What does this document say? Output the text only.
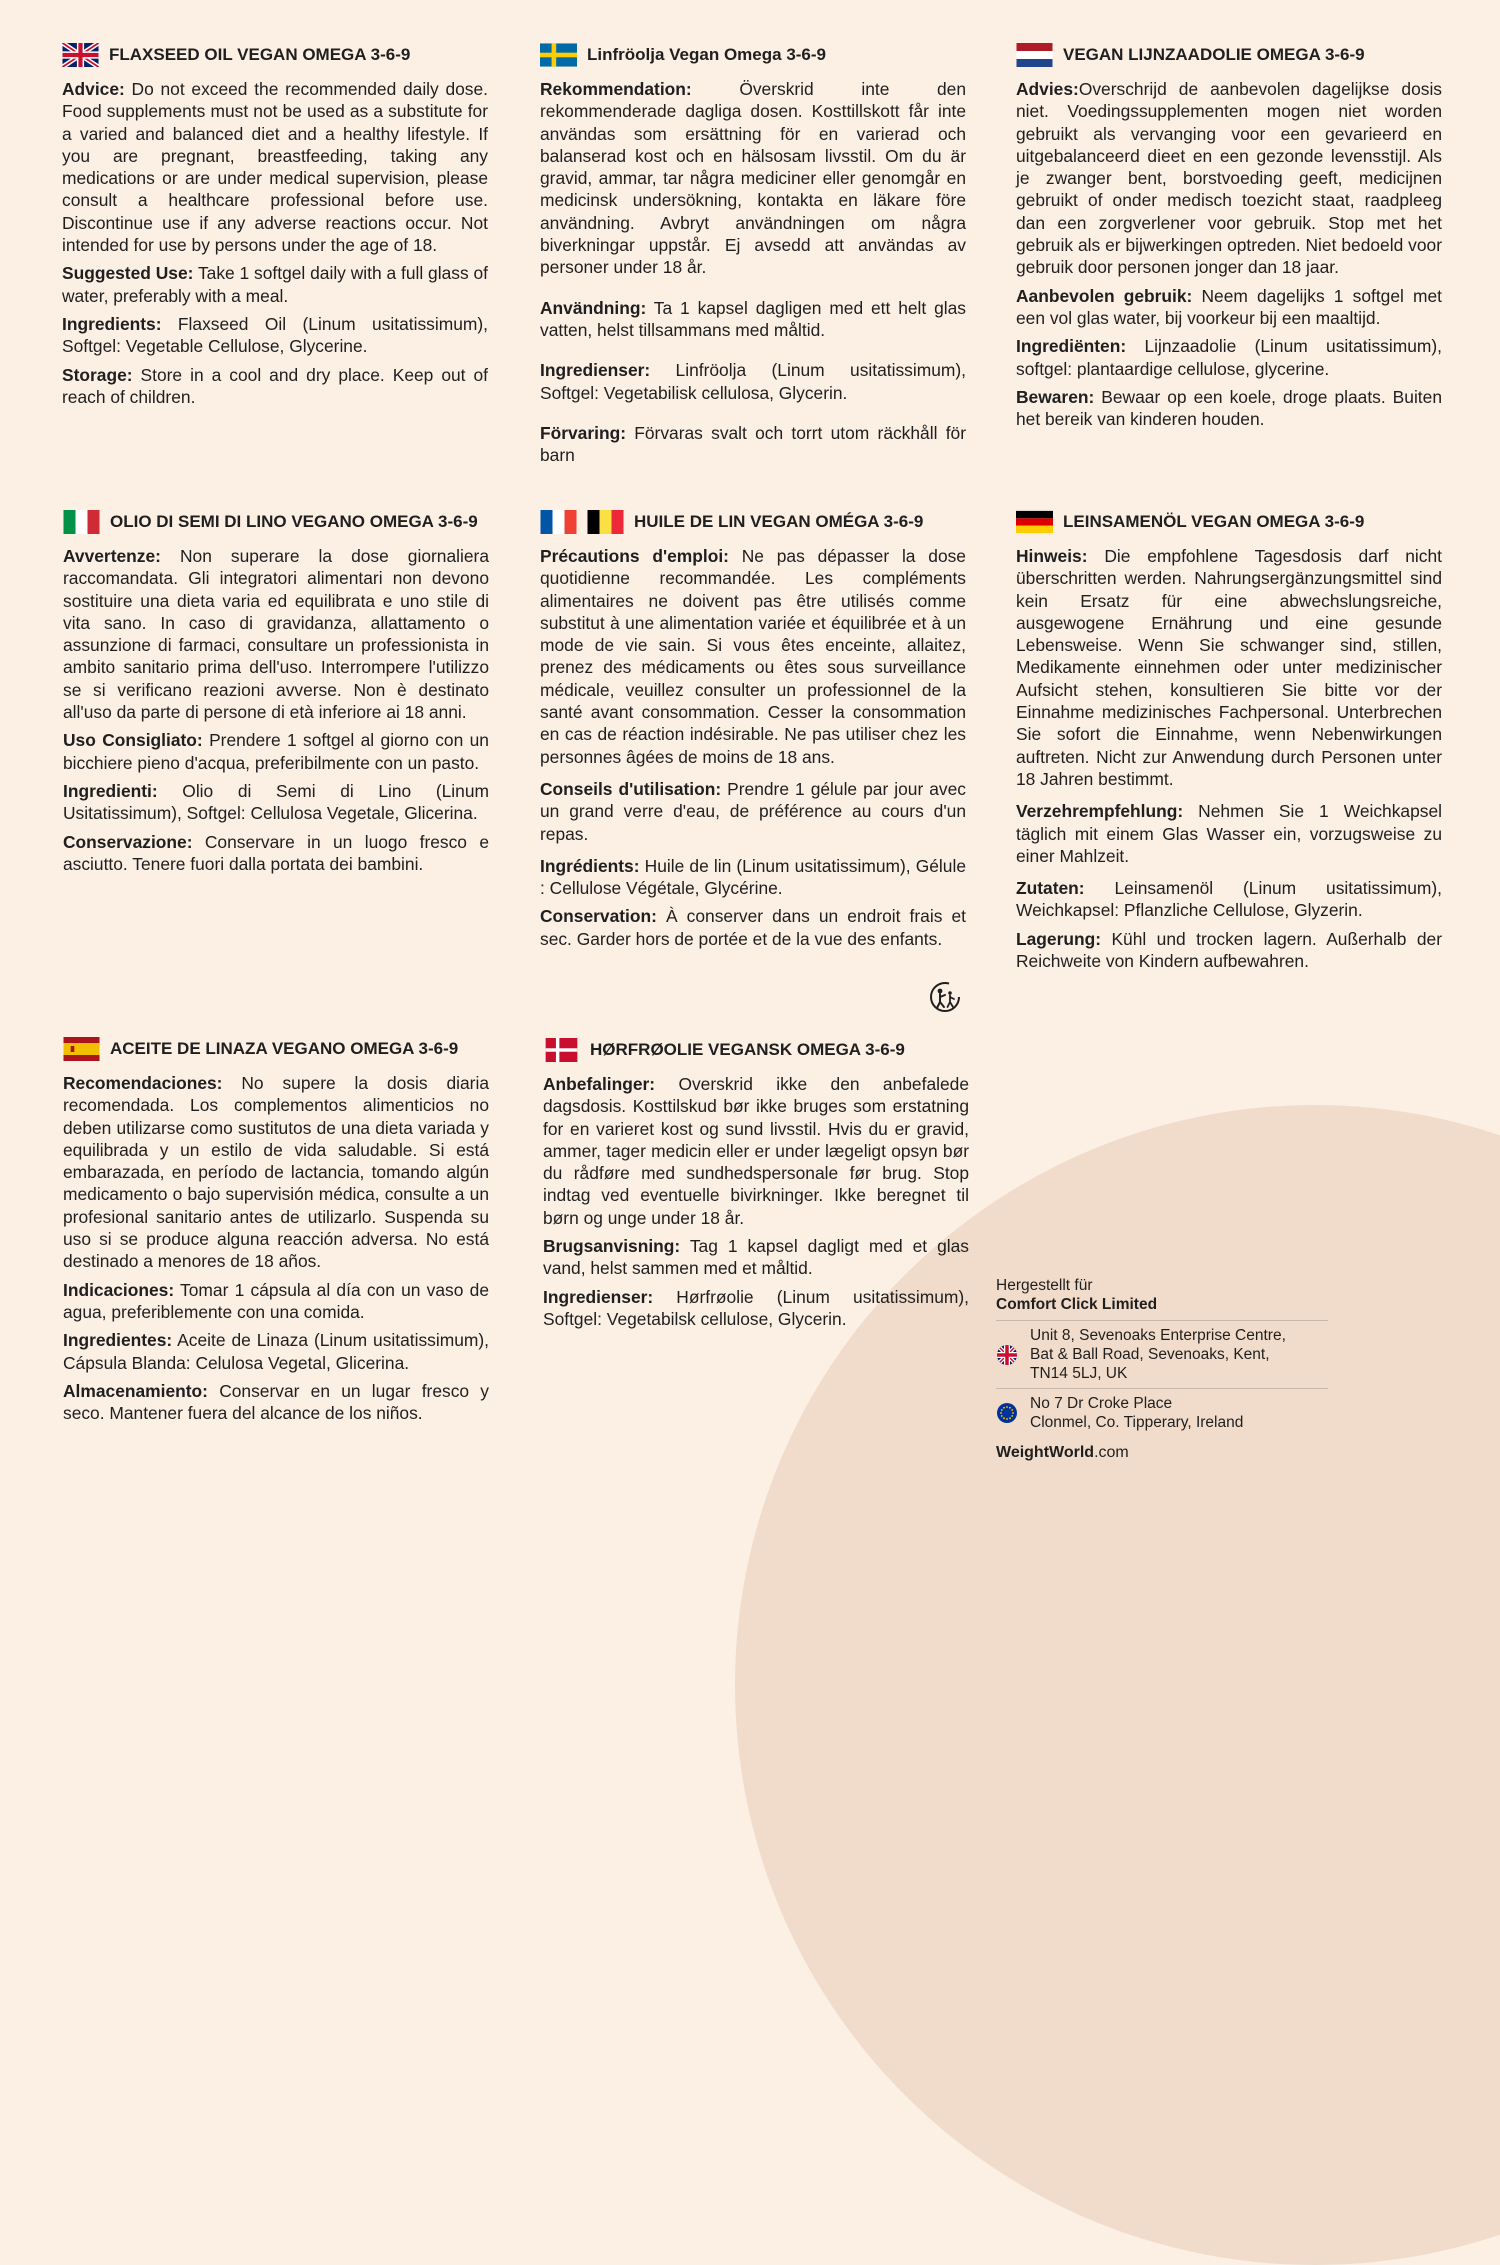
FLAXSEED OIL VEGAN OMEGA 3-6-9

Advice: Do not exceed the recommended daily dose. Food supplements must not be used as a substitute for a varied and balanced diet and a healthy lifestyle. If you are pregnant, breastfeeding, taking any medications or are under medical supervision, please consult a healthcare professional before use. Discontinue use if any adverse reactions occur. Not intended for use by persons under the age of 18.

Suggested Use: Take 1 softgel daily with a full glass of water, preferably with a meal.

Ingredients: Flaxseed Oil (Linum usitatissimum), Softgel: Vegetable Cellulose, Glycerine.

Storage: Store in a cool and dry place. Keep out of reach of children.

Linfröolja Vegan Omega 3-6-9

Rekommendation: Överskrid inte den rekommenderade dagliga dosen. Kosttillskott får inte användas som ersättning för en varierad och balanserad kost och en hälsosam livsstil. Om du är gravid, ammar, tar några mediciner eller genomgår en medicinsk undersökning, kontakta en läkare före användning. Avbryt användningen om några biverkningar uppstår. Ej avsedd att användas av personer under 18 år.

Användning: Ta 1 kapsel dagligen med ett helt glas vatten, helst tillsammans med måltid.

Ingredienser: Linfröolja (Linum usitatissimum), Softgel: Vegetabilisk cellulosa, Glycerin.

Förvaring: Förvaras svalt och torrt utom räckhåll för barn

VEGAN LIJNZAADOLIE OMEGA 3-6-9

Advies:Overschrijd de aanbevolen dagelijkse dosis niet. Voedingssupplementen mogen niet worden gebruikt als vervanging voor een gevarieerd en uitgebalanceerd dieet en een gezonde levensstijl. Als je zwanger bent, borstvoeding geeft, medicijnen gebruikt of onder medisch toezicht staat, raadpleeg dan een zorgverlener voor gebruik. Stop met het gebruik als er bijwerkingen optreden. Niet bedoeld voor gebruik door personen jonger dan 18 jaar.

Aanbevolen gebruik: Neem dagelijks 1 softgel met een vol glas water, bij voorkeur bij een maaltijd.

Ingrediënten: Lijnzaadolie (Linum usitatissimum), softgel: plantaardige cellulose, glycerine.

Bewaren: Bewaar op een koele, droge plaats. Buiten het bereik van kinderen houden.

OLIO DI SEMI DI LINO VEGANO OMEGA 3-6-9

Avvertenze: Non superare la dose giornaliera raccomandata. Gli integratori alimentari non devono sostituire una dieta varia ed equilibrata e uno stile di vita sano. In caso di gravidanza, allattamento o assunzione di farmaci, consultare un professionista in ambito sanitario prima dell'uso. Interrompere l'utilizzo se si verificano reazioni avverse. Non è destinato all'uso da parte di persone di età inferiore ai 18 anni.

Uso Consigliato: Prendere 1 softgel al giorno con un bicchiere pieno d'acqua, preferibilmente con un pasto.

Ingredienti: Olio di Semi di Lino (Linum Usitatissimum), Softgel: Cellulosa Vegetale, Glicerina.

Conservazione: Conservare in un luogo fresco e asciutto. Tenere fuori dalla portata dei bambini.

HUILE DE LIN VEGAN OMÉGA 3-6-9

Précautions d'emploi: Ne pas dépasser la dose quotidienne recommandée. Les compléments alimentaires ne doivent pas être utilisés comme substitut à une alimentation variée et équilibrée et à un mode de vie sain. Si vous êtes enceinte, allaitez, prenez des médicaments ou êtes sous surveillance médicale, veuillez consulter un professionnel de la santé avant consommation. Cesser la consommation en cas de réaction indésirable. Ne pas utiliser chez les personnes âgées de moins de 18 ans.

Conseils d'utilisation: Prendre 1 gélule par jour avec un grand verre d'eau, de préférence au cours d'un repas.

Ingrédients: Huile de lin (Linum usitatissimum), Gélule : Cellulose Végétale, Glycérine.

Conservation: À conserver dans un endroit frais et sec. Garder hors de portée et de la vue des enfants.

LEINSAMENÖL VEGAN OMEGA 3-6-9

Hinweis: Die empfohlene Tagesdosis darf nicht überschritten werden. Nahrungsergänzungsmittel sind kein Ersatz für eine abwechslungsreiche, ausgewogene Ernährung und eine gesunde Lebensweise. Wenn Sie schwanger sind, stillen, Medikamente einnehmen oder unter medizinischer Aufsicht stehen, konsultieren Sie bitte vor der Einnahme medizinisches Fachpersonal. Unterbrechen Sie sofort die Einnahme, wenn Nebenwirkungen auftreten. Nicht zur Anwendung durch Personen unter 18 Jahren bestimmt.

Verzehrempfehlung: Nehmen Sie 1 Weichkapsel täglich mit einem Glas Wasser ein, vorzugsweise zu einer Mahlzeit.

Zutaten: Leinsamenöl (Linum usitatissimum), Weichkapsel: Pflanzliche Cellulose, Glyzerin.

Lagerung: Kühl und trocken lagern. Außerhalb der Reichweite von Kindern aufbewahren.

ACEITE DE LINAZA VEGANO OMEGA 3-6-9

Recomendaciones: No supere la dosis diaria recomendada. Los complementos alimenticios no deben utilizarse como sustitutos de una dieta variada y equilibrada y un estilo de vida saludable. Si está embarazada, en período de lactancia, tomando algún medicamento o bajo supervisión médica, consulte a un profesional sanitario antes de utilizarlo. Suspenda su uso si se produce alguna reacción adversa. No está destinado a menores de 18 años.

Indicaciones: Tomar 1 cápsula al día con un vaso de agua, preferiblemente con una comida.

Ingredientes: Aceite de Linaza (Linum usitatissimum), Cápsula Blanda: Celulosa Vegetal, Glicerina.

Almacenamiento: Conservar en un lugar fresco y seco. Mantener fuera del alcance de los niños.

HØRFRØOLIE VEGANSK OMEGA 3-6-9

Anbefalinger: Overskrid ikke den anbefalede dagsdosis. Kosttilskud bør ikke bruges som erstatning for en varieret kost og sund livsstil. Hvis du er gravid, ammer, tager medicin eller er under lægeligt opsyn bør du rådføre med sundhedspersonale før brug. Stop indtag ved eventuelle bivirkninger. Ikke beregnet til børn og unge under 18 år.

Brugsanvisning: Tag 1 kapsel dagligt med et glas vand, helst sammen med et måltid.

Ingredienser: Hørfrøolie (Linum usitatissimum), Softgel: Vegetabilsk cellulose, Glycerin.

Hergestellt für

Comfort Click Limited

Unit 8, Sevenoaks Enterprise Centre,
Bat & Ball Road, Sevenoaks, Kent,
TN14 5LJ, UK
No 7 Dr Croke Place
Clonmel, Co. Tipperary, Ireland
WeightWorld.com
